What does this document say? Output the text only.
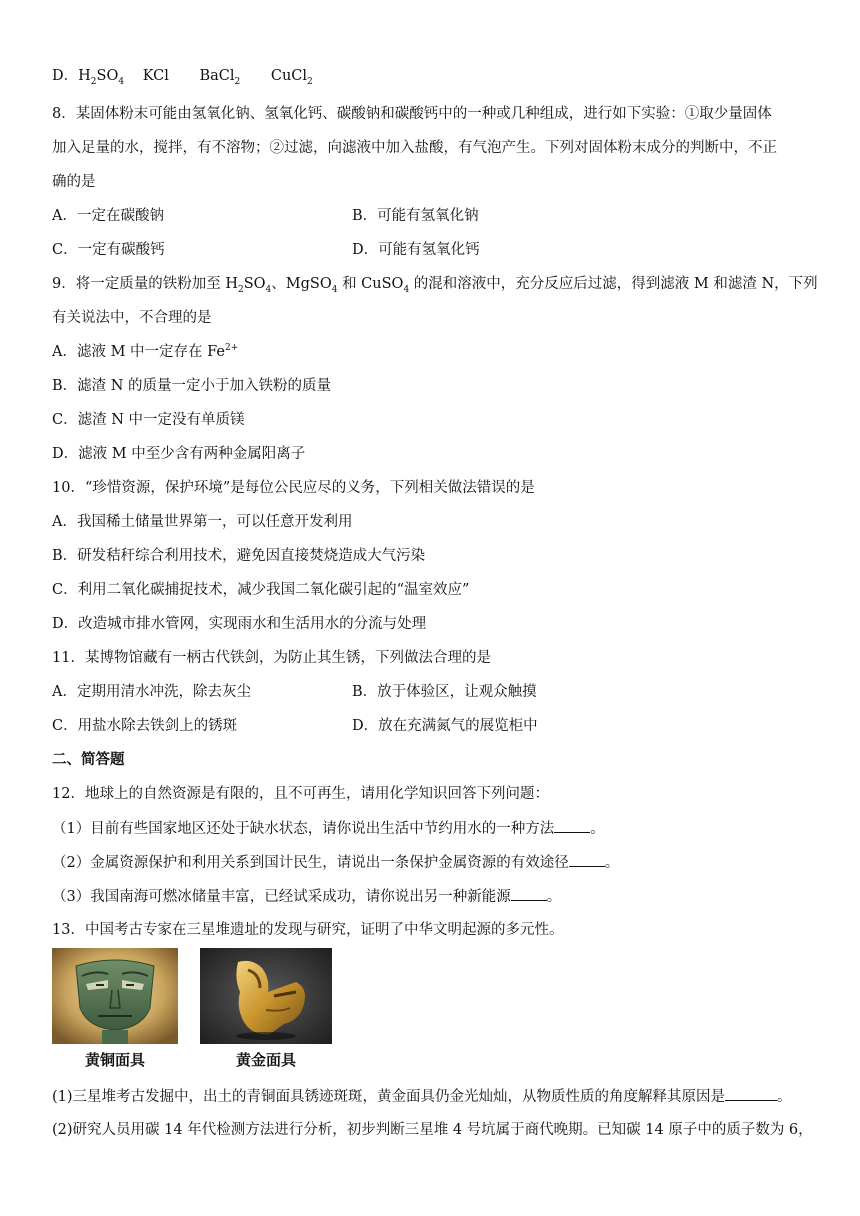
D．$H_2SO_4$ KCl BaCl$_2$ CuCl$_2$
8．某固体粉末可能由氢氧化钠、氢氧化钙、碳酸钠和碳酸钙中的一种或几种组成，进行如下实验：①取少量固体
加入足量的水，搅拌，有不溶物；②过滤，向滤液中加入盐酸，有气泡产生。下列对固体粉末成分的判断中，不正
确的是
A．一定在碳酸钠	B．可能有氢氧化钠
C．一定有碳酸钙	D．可能有氢氧化钙
9．将一定质量的铁粉加至 $H_2SO_4$、MgSO$_4$ 和 CuSO$_4$ 的混和溶液中，充分反应后过滤，得到滤液 M 和滤渣 N，下列
有关说法中，不合理的是
A．滤液 M 中一定存在 $Fe^{2+}$
B．滤渣 N 的质量一定小于加入铁粉的质量
C．滤渣 N 中一定没有单质镁
D．滤液 M 中至少含有两种金属阳离子
10．“珍惜资源，保护环境”是每位公民应尽的义务，下列相关做法错误的是
A．我国稀土储量世界第一，可以任意开发利用
B．研发秸秆综合利用技术，避免因直接焚烧造成大气污染
C．利用二氧化碳捕捉技术，减少我国二氧化碳引起的“温室效应”
D．改造城市排水管网，实现雨水和生活用水的分流与处理
11．某博物馆藏有一柄古代铁剑，为防止其生锈，下列做法合理的是
A．定期用清水冲洗，除去灰尘	B．放于体验区，让观众触摸
C．用盐水除去铁剑上的锈斑	D．放在充满氮气的展览柜中
二、简答题
12．地球上的自然资源是有限的，且不可再生，请用化学知识回答下列问题：
（1）目前有些国家地区还处于缺水状态，请你说出生活中节约用水的一种方法 。
（2）金属资源保护和利用关系到国计民生，请说出一条保护金属资源的有效途径 。
（3）我国南海可燃冰储量丰富，已经试采成功，请你说出另一种新能源 。
13．中国考古专家在三星堆遗址的发现与研究，证明了中华文明起源的多元性。
黄铜面具	黄金面具
(1)三星堆考古发掘中，出土的青铜面具锈迹斑斑，黄金面具仍金光灿灿，从物质性质的角度解释其原因是	。
(2)研究人员用碳 14 年代检测方法进行分析，初步判断三星堆 4 号坑属于商代晚期。已知碳 14 原子中的质子数为 6，
